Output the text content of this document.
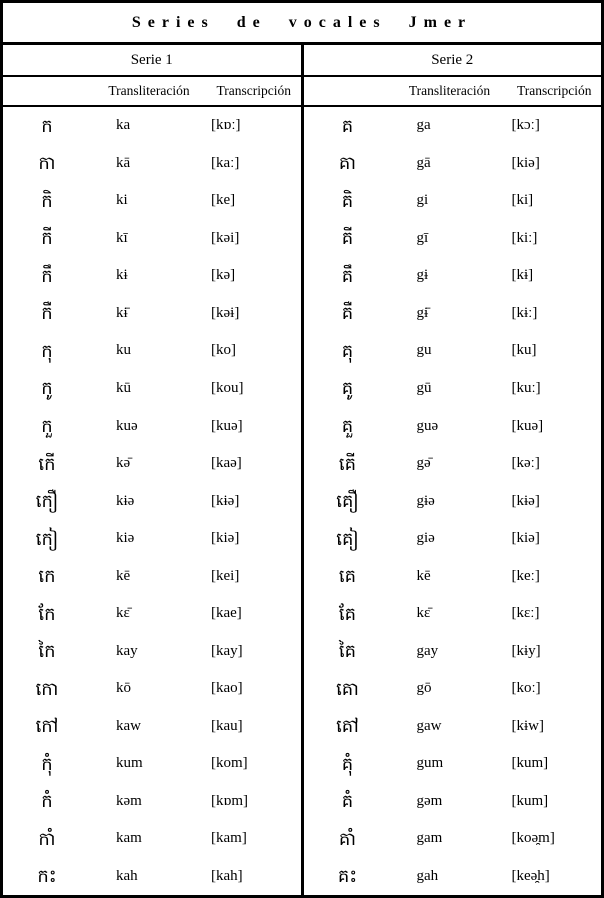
Series de vocales Jmer
Serie 1
Transliteración	Transcripción
ក	ka	[kɒː]
កា	kā	[kaː]
កិ	ki	[ke]
កី	kī	[kəi]
កឹ	kɨ	[kə]
កឺ	kɨ̄	[kəɨ]
កុ	ku	[ko]
កូ	kū	[kou]
កួ	kuə	[kuə]
កើ	kə̄	[kaə]
កឿ	kɨə	[kɨə]
កៀ	kiə	[kiə]
កេ	kē	[kei]
កែ	kɛ̄	[kae]
កៃ	kay	[kay]
កោ	kō	[kao]
កៅ	kaw	[kau]
កុំ	kum	[kom]
កំ	kəm	[kɒm]
កាំ	kam	[kam]
កះ	kah	[kah]
Serie 2
Transliteración	Transcripción
គ	ga	[kɔː]
គា	gā	[kiə]
គិ	gi	[ki]
គី	gī	[kiː]
គឹ	gɨ	[kɨ]
គឺ	gɨ̄	[kɨː]
គុ	gu	[ku]
គូ	gū	[kuː]
គួ	guə	[kuə]
គើ	gə̄	[kəː]
គឿ	gɨə	[kɨə]
គៀ	giə	[kiə]
គេ	kē	[keː]
គែ	kɛ̄	[kɛː]
គៃ	gay	[kɨy]
គោ	gō	[koː]
គៅ	gaw	[kɨw]
គុំ	gum	[kum]
គំ	gəm	[kum]
គាំ	gam	[koə̯m]
គះ	gah	[keə̯h]
